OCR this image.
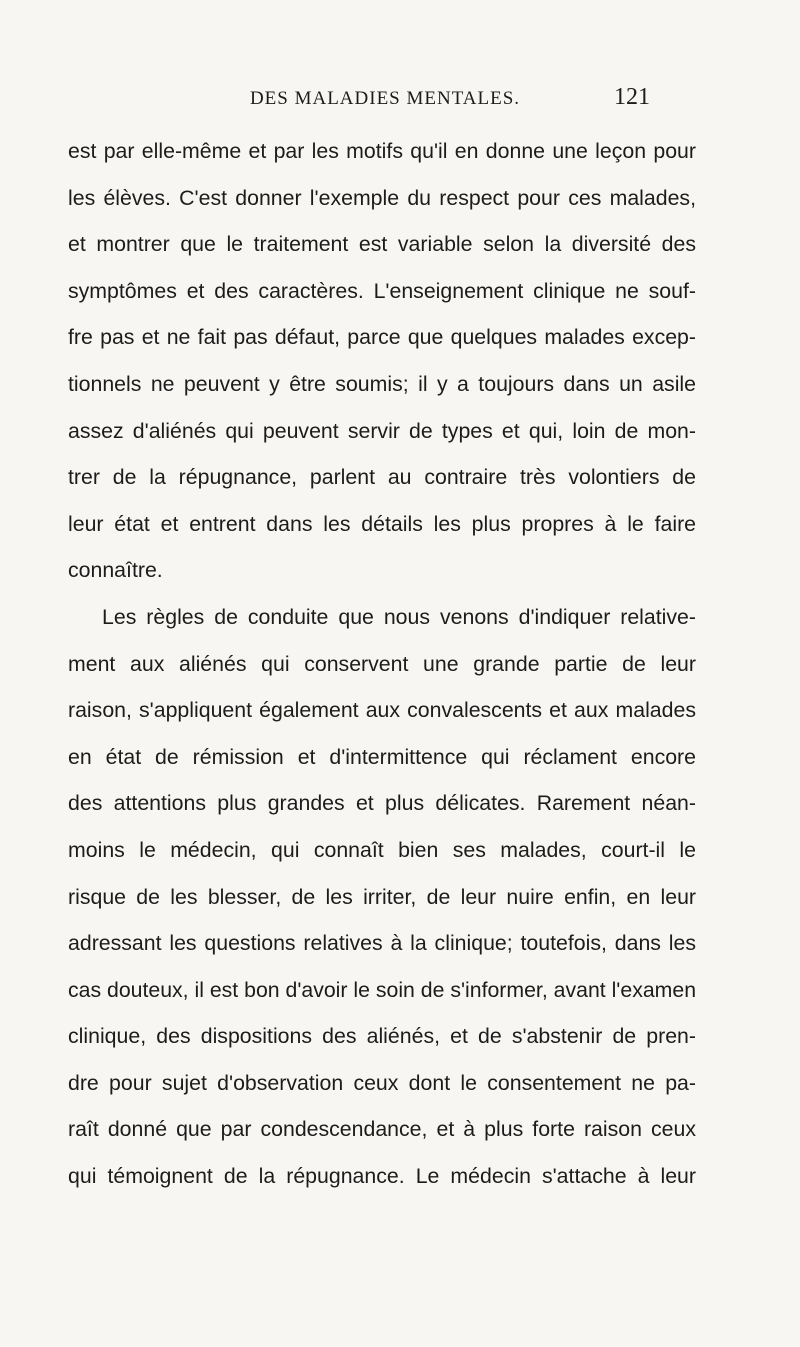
DES MALADIES MENTALES.	121
est par elle-même et par les motifs qu'il en donne une leçon pour
les élèves. C'est donner l'exemple du respect pour ces malades,
et montrer que le traitement est variable selon la diversité des
symptômes et des caractères. L'enseignement clinique ne souf-
fre pas et ne fait pas défaut, parce que quelques malades excep-
tionnels ne peuvent y être soumis; il y a toujours dans un asile
assez d'aliénés qui peuvent servir de types et qui, loin de mon-
trer de la répugnance, parlent au contraire très volontiers de
leur état et entrent dans les détails les plus propres à le faire
connaître.
Les règles de conduite que nous venons d'indiquer relative-
ment aux aliénés qui conservent une grande partie de leur
raison, s'appliquent également aux convalescents et aux malades
en état de rémission et d'intermittence qui réclament encore
des attentions plus grandes et plus délicates. Rarement néan-
moins le médecin, qui connaît bien ses malades, court-il le
risque de les blesser, de les irriter, de leur nuire enfin, en leur
adressant les questions relatives à la clinique; toutefois, dans les
cas douteux, il est bon d'avoir le soin de s'informer, avant l'examen
clinique, des dispositions des aliénés, et de s'abstenir de pren-
dre pour sujet d'observation ceux dont le consentement ne pa-
raît donné que par condescendance, et à plus forte raison ceux
qui témoignent de la répugnance. Le médecin s'attache à leur
